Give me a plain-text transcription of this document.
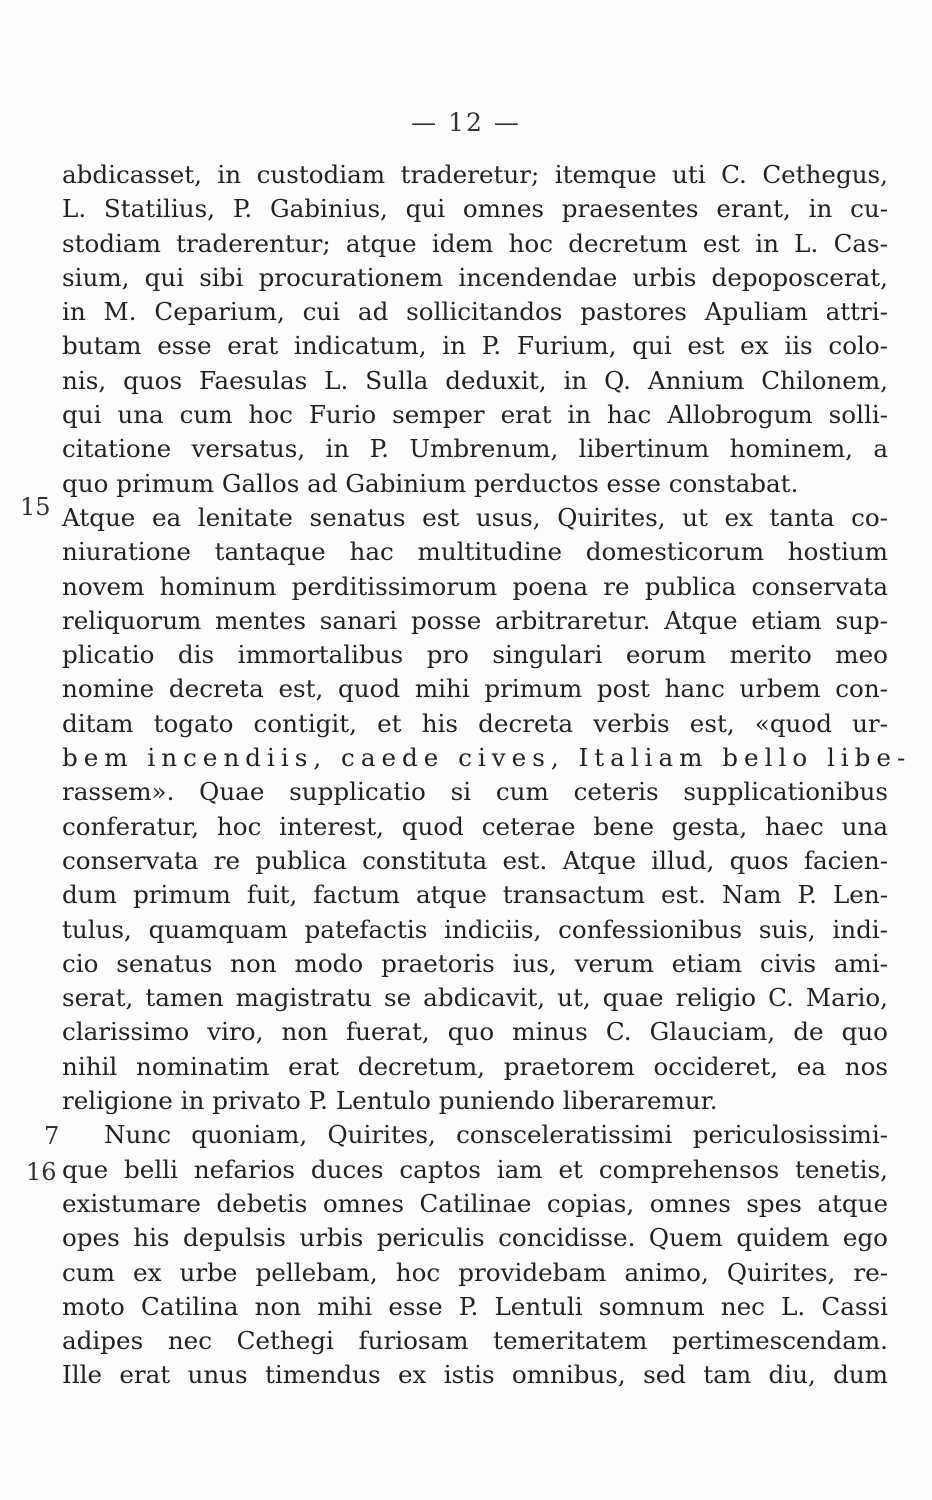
— 12 —
15
7
16
abdicasset, in custodiam traderetur; itemque uti C. Cethegus,
L. Statilius, P. Gabinius, qui omnes praesentes erant, in cu-
stodiam traderentur; atque idem hoc decretum est in L. Cas-
sium, qui sibi procurationem incendendae urbis depoposcerat,
in M. Ceparium, cui ad sollicitandos pastores Apuliam attri-
butam esse erat indicatum, in P. Furium, qui est ex iis colo-
nis, quos Faesulas L. Sulla deduxit, in Q. Annium Chilonem,
qui una cum hoc Furio semper erat in hac Allobrogum solli-
citatione versatus, in P. Umbrenum, libertinum hominem, a
quo primum Gallos ad Gabinium perductos esse constabat.
Atque ea lenitate senatus est usus, Quirites, ut ex tanta co-
niuratione tantaque hac multitudine domesticorum hostium
novem hominum perditissimorum poena re publica conservata
reliquorum mentes sanari posse arbitraretur. Atque etiam sup-
plicatio dis immortalibus pro singulari eorum merito meo
nomine decreta est, quod mihi primum post hanc urbem con-
ditam togato contigit, et his decreta verbis est, «quod ur-
bem incendiis, caede cives, Italiam bello libe-
rassem». Quae supplicatio si cum ceteris supplicationibus
conferatur, hoc interest, quod ceterae bene gesta, haec una
conservata re publica constituta est. Atque illud, quos facien-
dum primum fuit, factum atque transactum est. Nam P. Len-
tulus, quamquam patefactis indiciis, confessionibus suis, indi-
cio senatus non modo praetoris ius, verum etiam civis ami-
serat, tamen magistratu se abdicavit, ut, quae religio C. Mario,
clarissimo viro, non fuerat, quo minus C. Glauciam, de quo
nihil nominatim erat decretum, praetorem occideret, ea nos
religione in privato P. Lentulo puniendo liberaremur.
Nunc quoniam, Quirites, consceleratissimi periculosissimi-
que belli nefarios duces captos iam et comprehensos tenetis,
existumare debetis omnes Catilinae copias, omnes spes atque
opes his depulsis urbis periculis concidisse. Quem quidem ego
cum ex urbe pellebam, hoc providebam animo, Quirites, re-
moto Catilina non mihi esse P. Lentuli somnum nec L. Cassi
adipes nec Cethegi furiosam temeritatem pertimescendam.
Ille erat unus timendus ex istis omnibus, sed tam diu, dum
